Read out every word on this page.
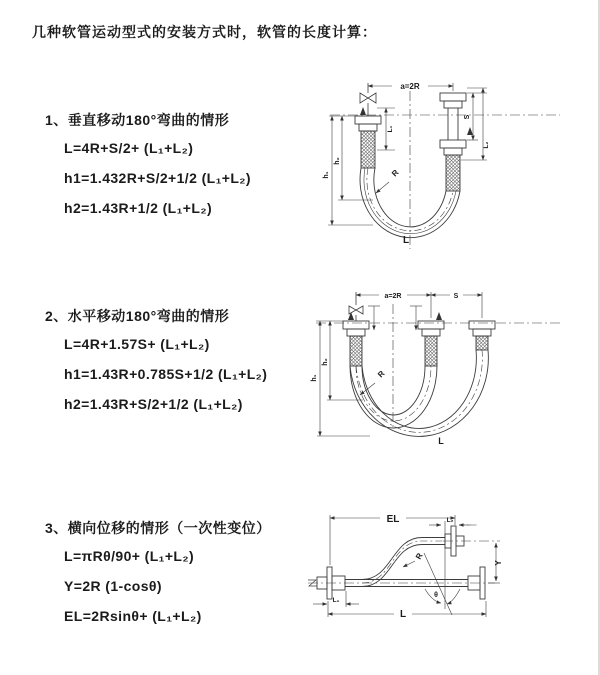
几种软管运动型式的安装方式时，软管的长度计算：
1、垂直移动180°弯曲的情形
L=4R+S/2+ (L₁+L₂)
h1=1.432R+S/2+1/2 (L₁+L₂)
h2=1.43R+1/2 (L₁+L₂)
a=2R
h₁
h₂
L₁
S
L₂
R
L
2、水平移动180°弯曲的情形
L=4R+1.57S+ (L₁+L₂)
h1=1.43R+0.785S+1/2 (L₁+L₂)
h2=1.43R+S/2+1/2 (L₁+L₂)
a=2R	S
h₁
h₂
R
L
3、横向位移的情形（一次性变位）
L=πRθ/90+ (L₁+L₂)
Y=2R (1-cosθ)
EL=2Rsinθ+ (L₁+L₂)
EL	L₂
Y
L₁
R
θ
L
